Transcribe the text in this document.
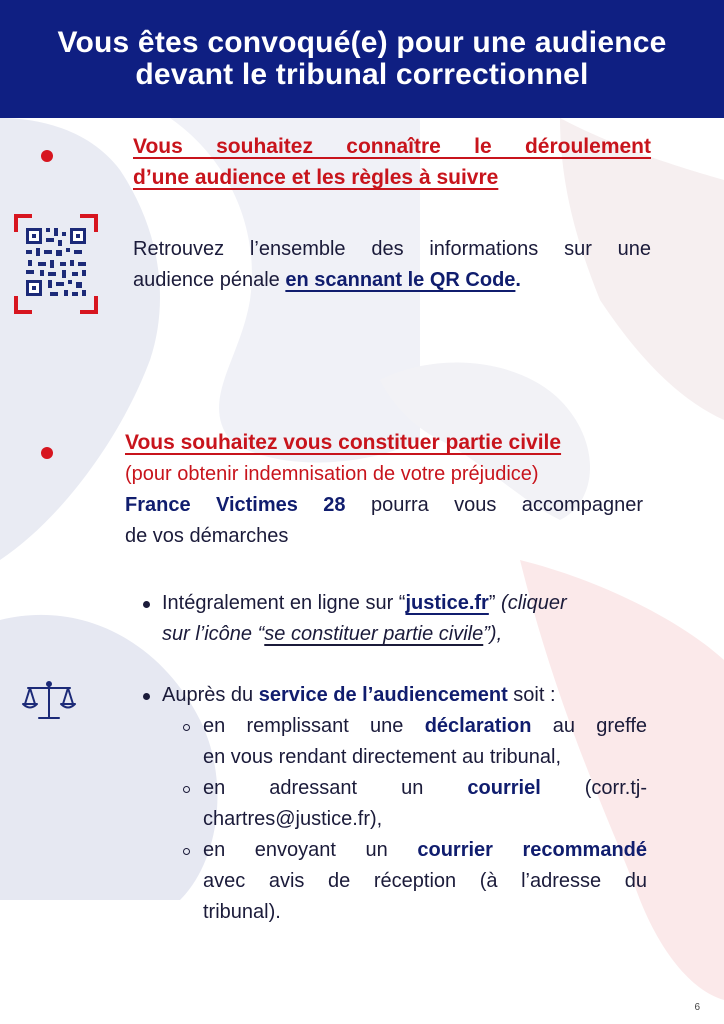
Vous êtes convoqué(e) pour une audience
devant le tribunal correctionnel
Vous souhaitez connaître le déroulement
d’une audience et les règles à suivre
Retrouvez l’ensemble des informations sur une
audience pénale en scannant le QR Code.
Vous souhaitez vous constituer partie civile
(pour obtenir indemnisation de votre préjudice)
France Victimes 28 pourra vous accompagner
de vos démarches
Intégralement en ligne sur “justice.fr” (cliquer
sur l’icône “se constituer partie civile”),
Auprès du service de l’audiencement soit :
en remplissant une déclaration au greffe
en vous rendant directement au tribunal,
en adressant un courriel (corr.tj-
chartres@justice.fr),
en envoyant un courrier recommandé
avec avis de réception (à l’adresse du
tribunal).
6
